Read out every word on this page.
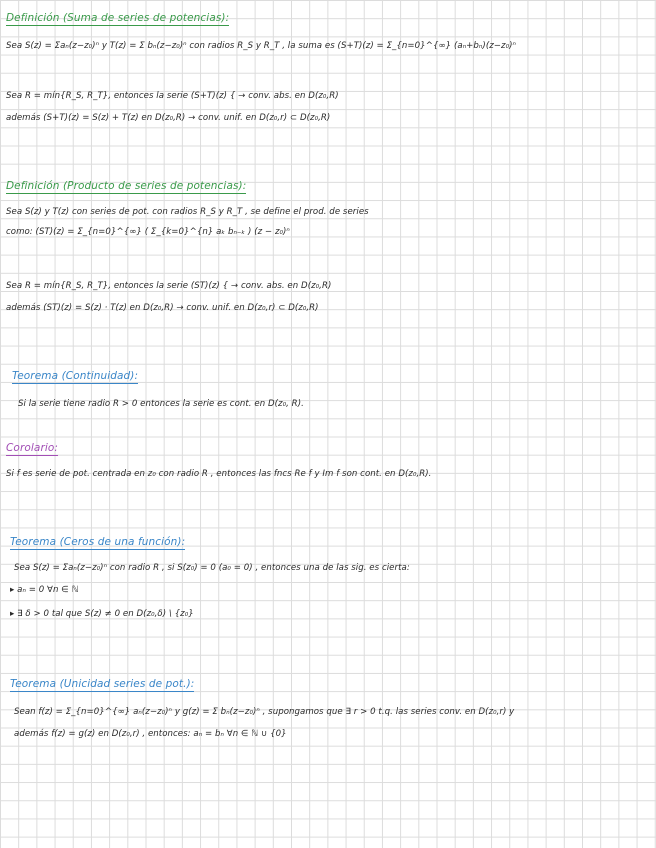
Definición (Suma de series de potencias):
Sea S(z) = Σaₙ(z−z₀)ⁿ y T(z) = Σ bₙ(z−z₀)ⁿ con radios R_S y R_T , la suma es (S+T)(z) = Σ_{n=0}^{∞} (aₙ+bₙ)(z−z₀)ⁿ
Sea R = mín{R_S, R_T}, entonces la serie (S+T)(z) { → conv. abs. en D(z₀,R)
además (S+T)(z) = S(z) + T(z) en D(z₀,R) → conv. unif. en D(z₀,r) ⊂ D(z₀,R)
Definición (Producto de series de potencias):
Sea S(z) y T(z) con series de pot. con radios R_S y R_T , se define el prod. de series
como: (ST)(z) = Σ_{n=0}^{∞} ( Σ_{k=0}^{n} aₖ bₙ₋ₖ ) (z − z₀)ⁿ
Sea R = mín{R_S, R_T}, entonces la serie (ST)(z) { → conv. abs. en D(z₀,R)
además (ST)(z) = S(z) · T(z) en D(z₀,R) → conv. unif. en D(z₀,r) ⊂ D(z₀,R)
Teorema (Continuidad):
Si la serie tiene radio R > 0 entonces la serie es cont. en D(z₀, R).
Corolario:
Si f es serie de pot. centrada en z₀ con radio R , entonces las fncs Re f y Im f son cont. en D(z₀,R).
Teorema (Ceros de una función):
Sea S(z) = Σaₙ(z−z₀)ⁿ con radio R , si S(z₀) = 0 (a₀ = 0) , entonces una de las sig. es cierta:
▸ aₙ = 0 ∀n ∈ ℕ
▸ ∃ δ > 0 tal que S(z) ≠ 0 en D(z₀,δ) \ {z₀}
Teorema (Unicidad series de pot.):
Sean f(z) = Σ_{n=0}^{∞} aₙ(z−z₀)ⁿ y g(z) = Σ bₙ(z−z₀)ⁿ , supongamos que ∃ r > 0 t.q. las series conv. en D(z₀,r) y
además f(z) = g(z) en D(z₀,r) , entonces: aₙ = bₙ ∀n ∈ ℕ ∪ {0}
